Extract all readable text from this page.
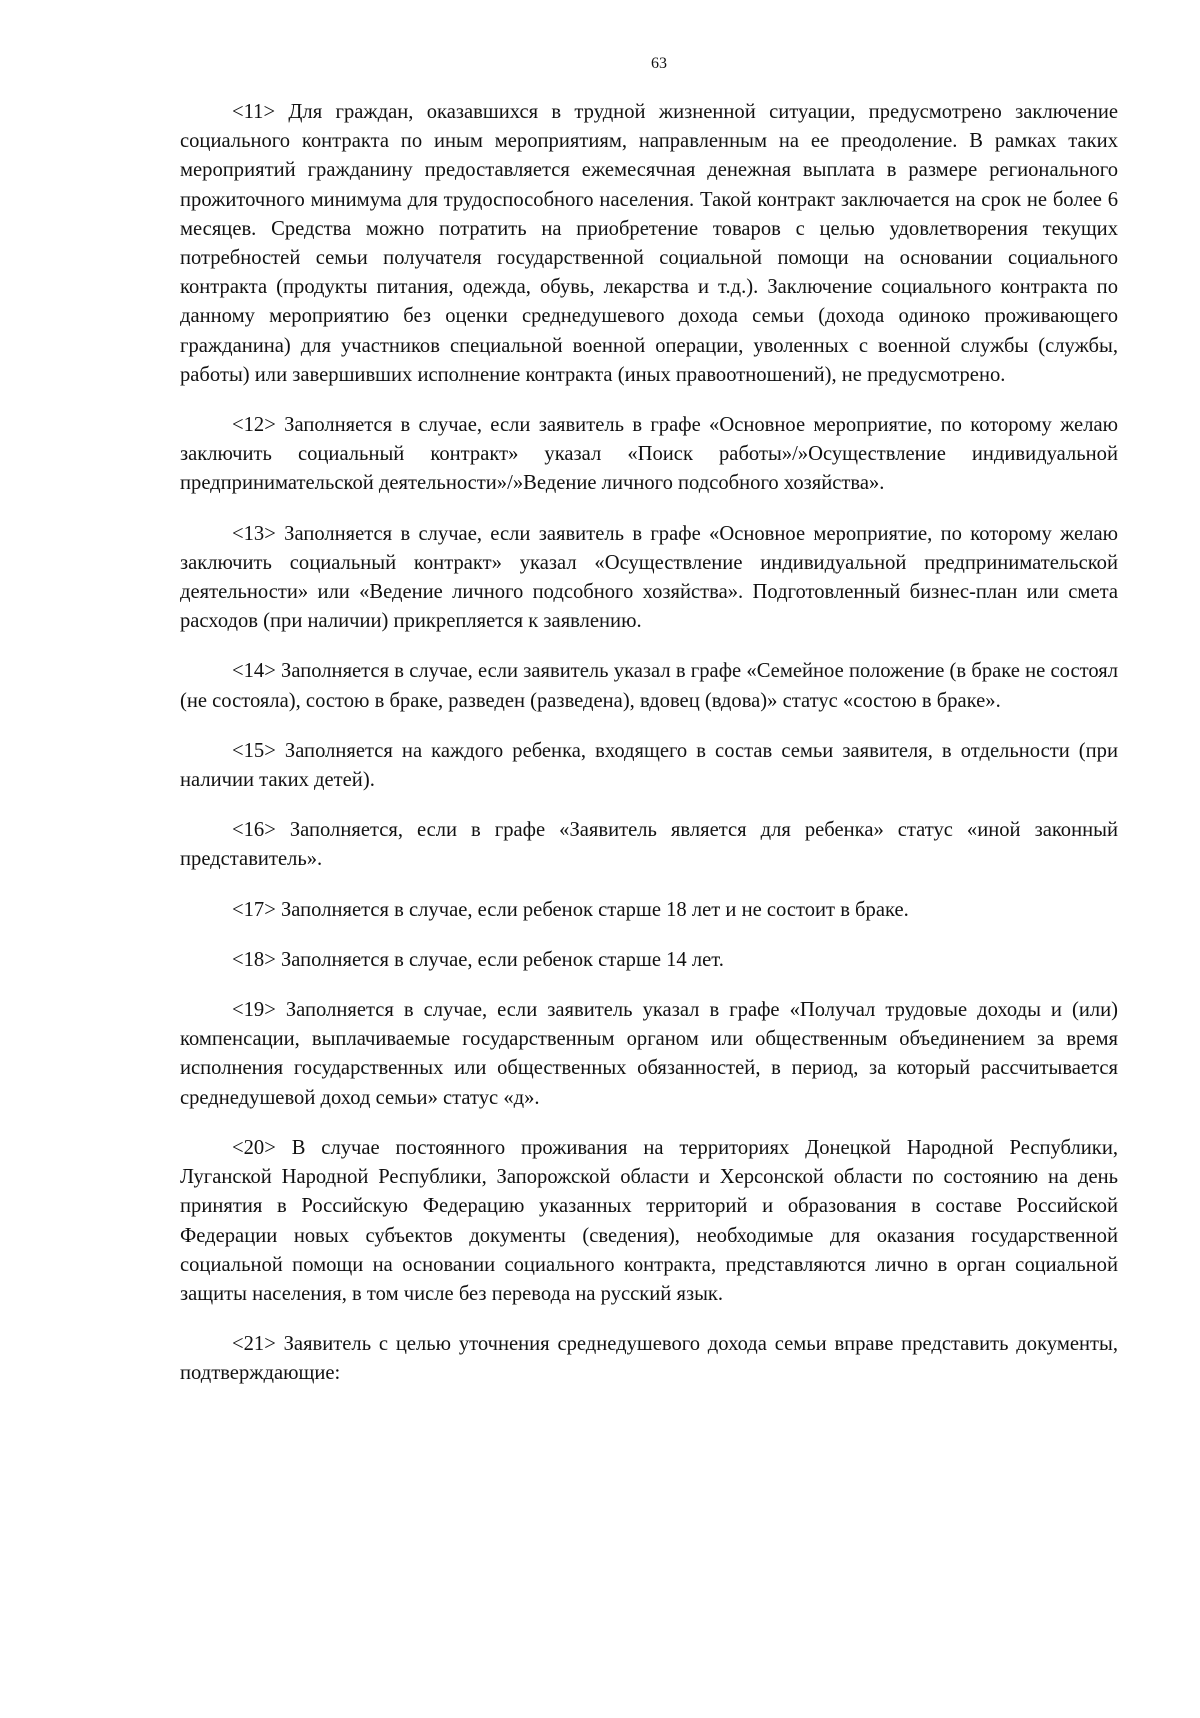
63

<11> Для граждан, оказавшихся в трудной жизненной ситуации, предусмотрено заключение социального контракта по иным мероприятиям, направленным на ее преодоление. В рамках таких мероприятий гражданину предоставляется ежемесячная денежная выплата в размере регионального прожиточного минимума для трудоспособного населения. Такой контракт заключается на срок не более 6 месяцев. Средства можно потратить на приобретение товаров с целью удовлетворения текущих потребностей семьи получателя государственной социальной помощи на основании социального контракта (продукты питания, одежда, обувь, лекарства и т.д.). Заключение социального контракта по данному мероприятию без оценки среднедушевого дохода семьи (дохода одиноко проживающего гражданина) для участников специальной военной операции, уволенных с военной службы (службы, работы) или завершивших исполнение контракта (иных правоотношений), не предусмотрено.

<12> Заполняется в случае, если заявитель в графе «Основное мероприятие, по которому желаю заключить социальный контракт» указал «Поиск работы»/»Осуществление индивидуальной предпринимательской деятельности»/»Ведение личного подсобного хозяйства».

<13> Заполняется в случае, если заявитель в графе «Основное мероприятие, по которому желаю заключить социальный контракт» указал «Осуществление индивидуальной предпринимательской деятельности» или «Ведение личного подсобного хозяйства». Подготовленный бизнес-план или смета расходов (при наличии) прикрепляется к заявлению.

<14> Заполняется в случае, если заявитель указал в графе «Семейное положение (в браке не состоял (не состояла), состою в браке, разведен (разведена), вдовец (вдова)» статус «состою в браке».

<15> Заполняется на каждого ребенка, входящего в состав семьи заявителя, в отдельности (при наличии таких детей).

<16> Заполняется, если в графе «Заявитель является для ребенка» статус «иной законный представитель».

<17> Заполняется в случае, если ребенок старше 18 лет и не состоит в браке.

<18> Заполняется в случае, если ребенок старше 14 лет.

<19> Заполняется в случае, если заявитель указал в графе «Получал трудовые доходы и (или) компенсации, выплачиваемые государственным органом или общественным объединением за время исполнения государственных или общественных обязанностей, в период, за который рассчитывается среднедушевой доход семьи» статус «д».

<20> В случае постоянного проживания на территориях Донецкой Народной Республики, Луганской Народной Республики, Запорожской области и Херсонской области по состоянию на день принятия в Российскую Федерацию указанных территорий и образования в составе Российской Федерации новых субъектов документы (сведения), необходимые для оказания государственной социальной помощи на основании социального контракта, представляются лично в орган социальной защиты населения, в том числе без перевода на русский язык.

<21> Заявитель с целью уточнения среднедушевого дохода семьи вправе представить документы, подтверждающие:
